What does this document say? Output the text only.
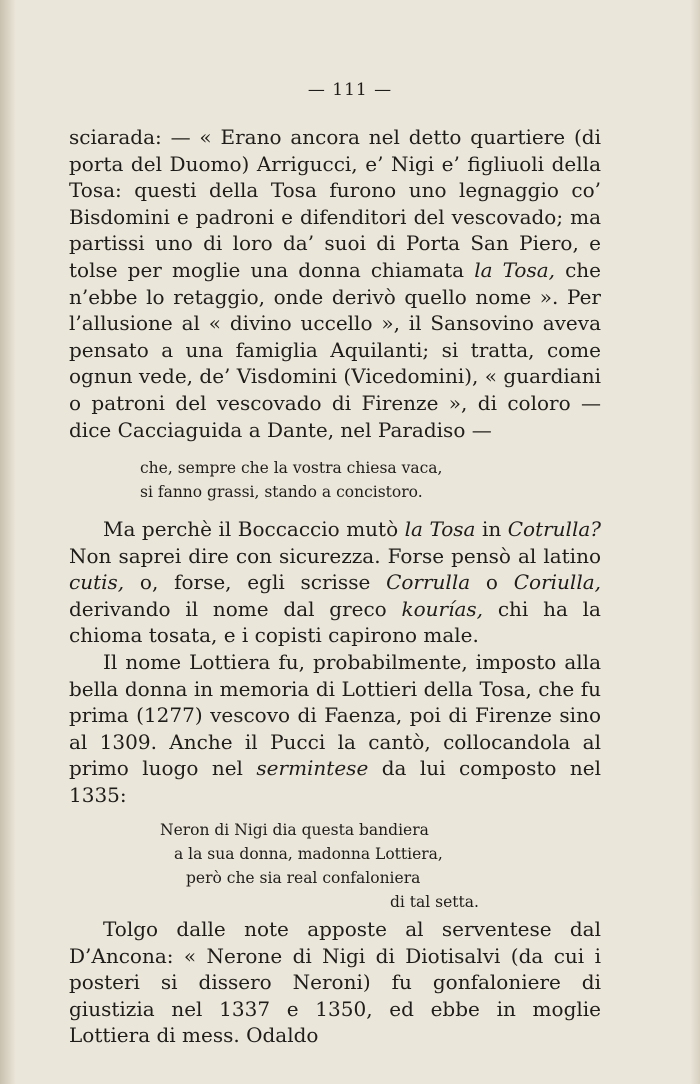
— 111 —

sciarada: — « Erano ancora nel detto quartiere (di porta del Duomo) Arrigucci, e’ Nigi e’ figliuoli della Tosa: questi della Tosa furono uno legnaggio co’ Bisdomini e padroni e difenditori del vescovado; ma partissi uno di loro da’ suoi di Porta San Piero, e tolse per moglie una donna chiamata la Tosa, che n’ebbe lo retaggio, onde derivò quello nome ». Per l’allusione al « divino uccello », il Sansovino aveva pensato a una famiglia Aquilanti; si tratta, come ognun vede, de’ Visdomini (Vicedomini), « guardiani o patroni del vescovado di Firenze », di coloro — dice Cacciaguida a Dante, nel Paradiso —

che, sempre che la vostra chiesa vaca,
si fanno grassi, stando a concistoro.

Ma perchè il Boccaccio mutò la Tosa in Cotrulla? Non saprei dire con sicurezza. Forse pensò al latino cutis, o, forse, egli scrisse Corrulla o Coriulla, derivando il nome dal greco kourías, chi ha la chioma tosata, e i copisti capirono male.

Il nome Lottiera fu, probabilmente, imposto alla bella donna in memoria di Lottieri della Tosa, che fu prima (1277) vescovo di Faenza, poi di Firenze sino al 1309. Anche il Pucci la cantò, collocandola al primo luogo nel sermintese da lui composto nel 1335:

Neron di Nigi dia questa bandiera
a la sua donna, madonna Lottiera,
però che sia real confaloniera
di tal setta.

Tolgo dalle note apposte al serventese dal D’Ancona: « Nerone di Nigi di Diotisalvi (da cui i posteri si dissero Neroni) fu gonfaloniere di giustizia nel 1337 e 1350, ed ebbe in moglie Lottiera di mess. Odaldo
